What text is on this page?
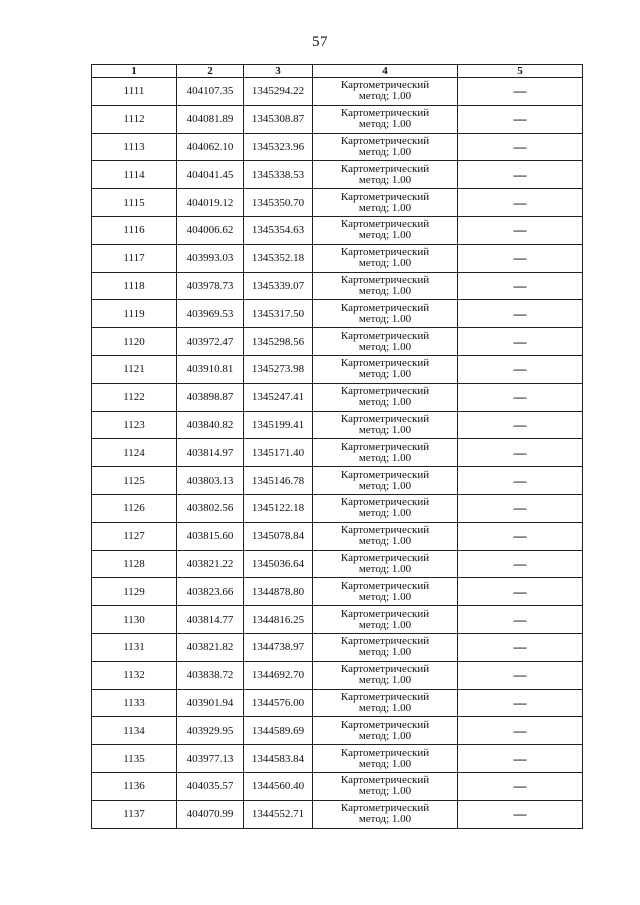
57
1	2	3	4	5
1111	404107.35	1345294.22	Картометрический
метод; 1.00	—
1112	404081.89	1345308.87	Картометрический
метод; 1.00	—
1113	404062.10	1345323.96	Картометрический
метод; 1.00	—
1114	404041.45	1345338.53	Картометрический
метод; 1.00	—
1115	404019.12	1345350.70	Картометрический
метод; 1.00	—
1116	404006.62	1345354.63	Картометрический
метод; 1.00	—
1117	403993.03	1345352.18	Картометрический
метод; 1.00	—
1118	403978.73	1345339.07	Картометрический
метод; 1.00	—
1119	403969.53	1345317.50	Картометрический
метод; 1.00	—
1120	403972.47	1345298.56	Картометрический
метод; 1.00	—
1121	403910.81	1345273.98	Картометрический
метод; 1.00	—
1122	403898.87	1345247.41	Картометрический
метод; 1.00	—
1123	403840.82	1345199.41	Картометрический
метод; 1.00	—
1124	403814.97	1345171.40	Картометрический
метод; 1.00	—
1125	403803.13	1345146.78	Картометрический
метод; 1.00	—
1126	403802.56	1345122.18	Картометрический
метод; 1.00	—
1127	403815.60	1345078.84	Картометрический
метод; 1.00	—
1128	403821.22	1345036.64	Картометрический
метод; 1.00	—
1129	403823.66	1344878.80	Картометрический
метод; 1.00	—
1130	403814.77	1344816.25	Картометрический
метод; 1.00	—
1131	403821.82	1344738.97	Картометрический
метод; 1.00	—
1132	403838.72	1344692.70	Картометрический
метод; 1.00	—
1133	403901.94	1344576.00	Картометрический
метод; 1.00	—
1134	403929.95	1344589.69	Картометрический
метод; 1.00	—
1135	403977.13	1344583.84	Картометрический
метод; 1.00	—
1136	404035.57	1344560.40	Картометрический
метод; 1.00	—
1137	404070.99	1344552.71	Картометрический
метод; 1.00	—
